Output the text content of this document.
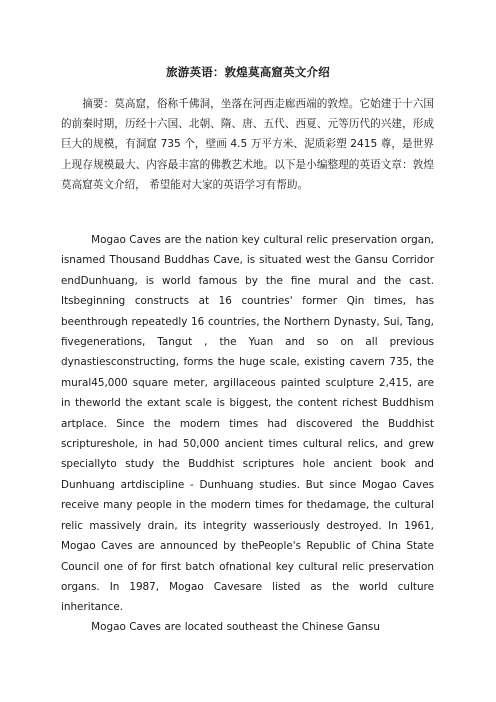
旅游英语：敦煌莫高窟英文介绍
摘要：莫高窟，俗称千佛洞，坐落在河西走廊西端的敦煌。它始建于十六国的前秦时期，历经十六国、北朝、隋、唐、五代、西夏、元等历代的兴建，形成巨大的规模，有洞窟 735 个，壁画 4.5 万平方米、泥质彩塑 2415 尊，是世界上现存规模最大、内容最丰富的佛教艺术地。以下是小编整理的英语文章：敦煌莫高窟英文介绍， 希望能对大家的英语学习有帮助。
Mogao Caves are the nation key cultural relic preservation organ, isnamed Thousand Buddhas Cave, is situated west the Gansu Corridor endDunhuang, is world famous by the fine mural and the cast. Itsbeginning constructs at 16 countries' former Qin times, has beenthrough repeatedly 16 countries, the Northern Dynasty, Sui, Tang, fivegenerations, Tangut , the Yuan and so on all previous dynastiesconstructing, forms the huge scale, existing cavern 735, the mural45,000 square meter, argillaceous painted sculpture 2,415, are in theworld the extant scale is biggest, the content richest Buddhism artplace. Since the modern times had discovered the Buddhist scriptureshole, in had 50,000 ancient times cultural relics, and grew speciallyto study the Buddhist scriptures hole ancient book and Dunhuang artdiscipline - Dunhuang studies. But since Mogao Caves receive many people in the modern times for thedamage, the cultural relic massively drain, its integrity wasseriously destroyed. In 1961, Mogao Caves are announced by thePeople's Republic of China State Council one of for first batch ofnational key cultural relic preservation organs. In 1987, Mogao Cavesare listed as the world culture inheritance.
Mogao Caves are located southeast the Chinese Gansu
